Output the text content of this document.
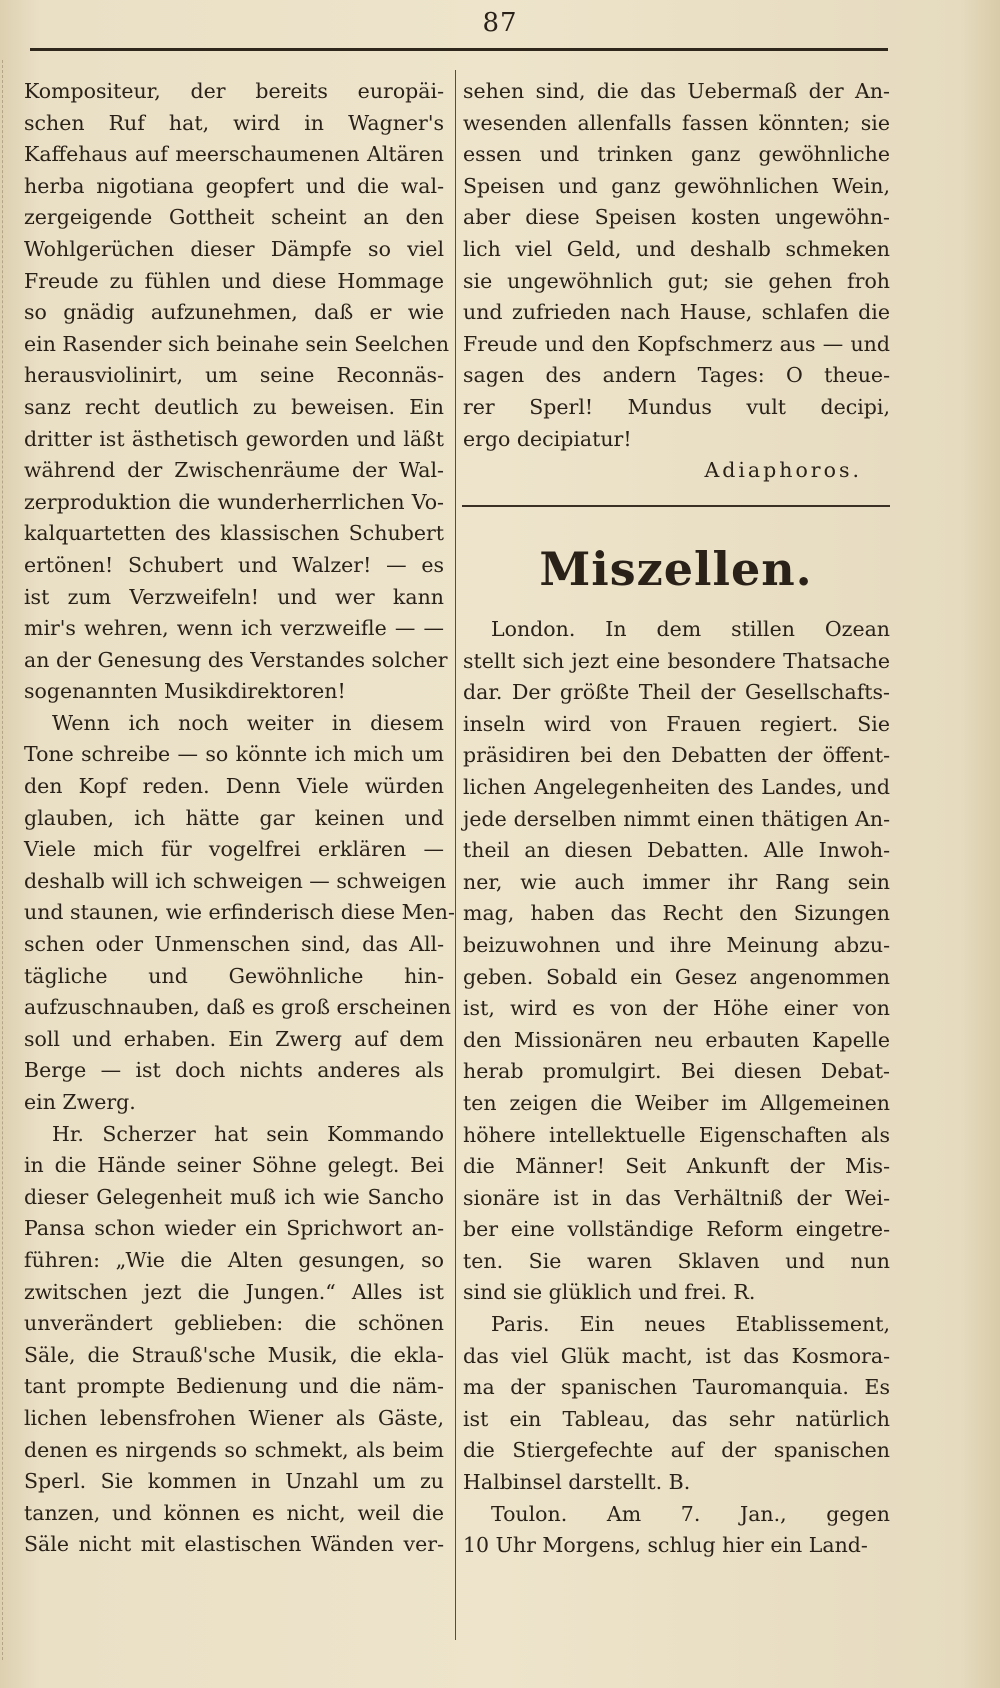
87
Kompositeur, der bereits europäi-
schen Ruf hat, wird in Wagner's
Kaffehaus auf meerschaumenen Altären
herba nigotiana geopfert und die wal-
zergeigende Gottheit scheint an den
Wohlgerüchen dieser Dämpfe so viel
Freude zu fühlen und diese Hommage
so gnädig aufzunehmen, daß er wie
ein Rasender sich beinahe sein Seelchen
herausviolinirt, um seine Reconnäs-
sanz recht deutlich zu beweisen. Ein
dritter ist ästhetisch geworden und läßt
während der Zwischenräume der Wal-
zerproduktion die wunderherrlichen Vo-
kalquartetten des klassischen Schubert
ertönen! Schubert und Walzer! — es
ist zum Verzweifeln! und wer kann
mir's wehren, wenn ich verzweifle — —
an der Genesung des Verstandes solcher
sogenannten Musikdirektoren!
Wenn ich noch weiter in diesem
Tone schreibe — so könnte ich mich um
den Kopf reden. Denn Viele würden
glauben, ich hätte gar keinen und
Viele mich für vogelfrei erklären —
deshalb will ich schweigen — schweigen
und staunen, wie erfinderisch diese Men-
schen oder Unmenschen sind, das All-
tägliche und Gewöhnliche hin-
aufzuschnauben, daß es groß erscheinen
soll und erhaben. Ein Zwerg auf dem
Berge — ist doch nichts anderes als
ein Zwerg.
Hr. Scherzer hat sein Kommando
in die Hände seiner Söhne gelegt. Bei
dieser Gelegenheit muß ich wie Sancho
Pansa schon wieder ein Sprichwort an-
führen: „Wie die Alten gesungen, so
zwitschen jezt die Jungen.“ Alles ist
unverändert geblieben: die schönen
Säle, die Strauß'sche Musik, die ekla-
tant prompte Bedienung und die näm-
lichen lebensfrohen Wiener als Gäste,
denen es nirgends so schmekt, als beim
Sperl. Sie kommen in Unzahl um zu
tanzen, und können es nicht, weil die
Säle nicht mit elastischen Wänden ver-
sehen sind, die das Uebermaß der An-
wesenden allenfalls fassen könnten; sie
essen und trinken ganz gewöhnliche
Speisen und ganz gewöhnlichen Wein,
aber diese Speisen kosten ungewöhn-
lich viel Geld, und deshalb schmeken
sie ungewöhnlich gut; sie gehen froh
und zufrieden nach Hause, schlafen die
Freude und den Kopfschmerz aus — und
sagen des andern Tages: O theue-
rer Sperl! Mundus vult decipi,
ergo decipiatur!
Adiaphoros.
Miszellen.
London. In dem stillen Ozean
stellt sich jezt eine besondere Thatsache
dar. Der größte Theil der Gesellschafts-
inseln wird von Frauen regiert. Sie
präsidiren bei den Debatten der öffent-
lichen Angelegenheiten des Landes, und
jede derselben nimmt einen thätigen An-
theil an diesen Debatten. Alle Inwoh-
ner, wie auch immer ihr Rang sein
mag, haben das Recht den Sizungen
beizuwohnen und ihre Meinung abzu-
geben. Sobald ein Gesez angenommen
ist, wird es von der Höhe einer von
den Missionären neu erbauten Kapelle
herab promulgirt. Bei diesen Debat-
ten zeigen die Weiber im Allgemeinen
höhere intellektuelle Eigenschaften als
die Männer! Seit Ankunft der Mis-
sionäre ist in das Verhältniß der Wei-
ber eine vollständige Reform eingetre-
ten. Sie waren Sklaven und nun
sind sie glüklich und frei. R.
Paris. Ein neues Etablissement,
das viel Glük macht, ist das Kosmora-
ma der spanischen Tauromanquia. Es
ist ein Tableau, das sehr natürlich
die Stiergefechte auf der spanischen
Halbinsel darstellt. B.
Toulon. Am 7. Jan., gegen
10 Uhr Morgens, schlug hier ein Land-
